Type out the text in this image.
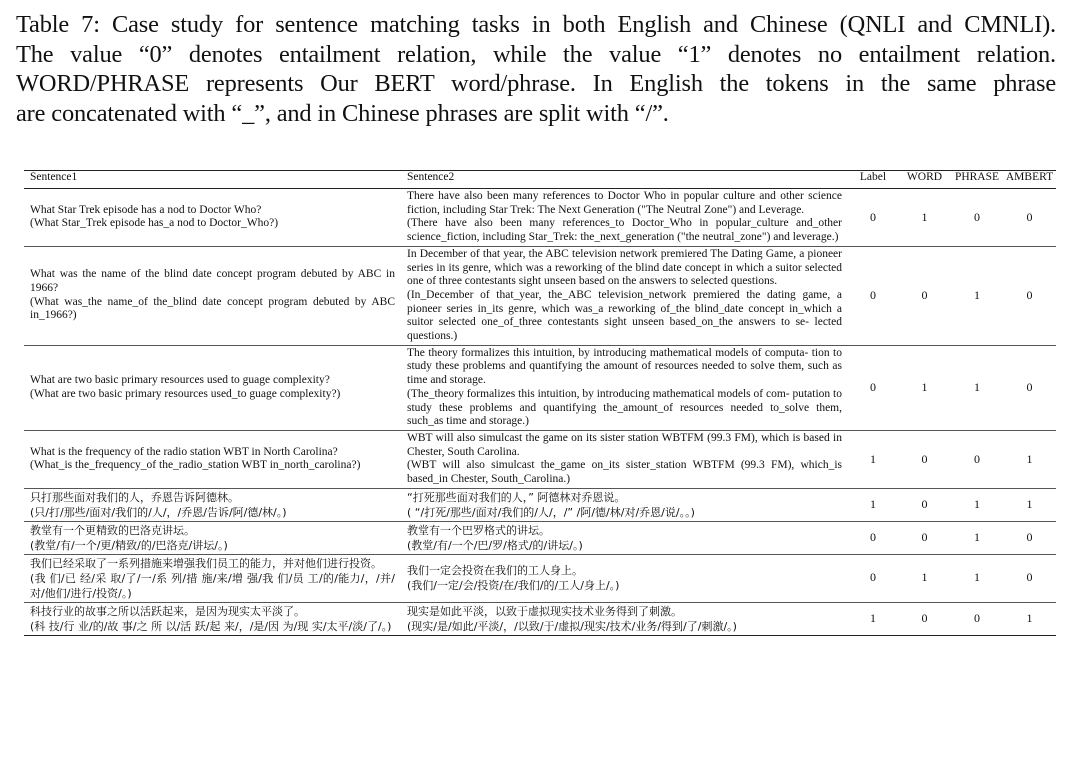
Table 7: Case study for sentence matching tasks in both English and Chinese (QNLI and CMNLI).
The value “0” denotes entailment relation, while the value “1” denotes no entailment relation.
WORD/PHRASE represents Our BERT word/phrase. In English the tokens in the same phrase
are concatenated with “_”, and in Chinese phrases are split with “/”.
Sentence1	Sentence2	Label	WORD	PHRASE	AMBERT

What Star Trek episode has a nod to Doctor Who?
(What Star_Trek episode has_a nod to Doctor_Who?)	There have also been many references to Doctor Who in popular culture and other science fiction, including Star Trek: The Next Generation ("The Neutral Zone") and Leverage.
(There have also been many references_to Doctor_Who in popular_culture and_other science_fiction, including Star_Trek: the_next_generation ("the neutral_zone") and leverage.)	0	1	0	0

What was the name of the blind date concept program debuted by ABC in 1966?
(What was_the name_of the_blind date concept program debuted by ABC in_1966?)	In December of that year, the ABC television network premiered The Dating Game, a pioneer series in its genre, which was a reworking of the blind date concept in which a suitor selected one of three contestants sight unseen based on the answers to selected questions.
(In_December of that_year, the_ABC television_network premiered the dating game, a pioneer series in_its genre, which was_a reworking of_the blind_date concept in_which a suitor selected one_of_three contestants sight unseen based_on_the answers to se- lected questions.)	0	0	1	0

What are two basic primary resources used to guage complexity?
(What are two basic primary resources used_to guage complexity?)	The theory formalizes this intuition, by introducing mathematical models of computa- tion to study these problems and quantifying the amount of resources needed to solve them, such as time and storage.
(The_theory formalizes this intuition, by introducing mathematical models of com- putation to study these problems and quantifying the_amount_of resources needed to_solve them, such_as time and storage.)	0	1	1	0

What is the frequency of the radio station WBT in North Carolina?
(What_is the_frequency_of the_radio_station WBT in_north_carolina?)	WBT will also simulcast the game on its sister station WBTFM (99.3 FM), which is based in Chester, South Carolina.
(WBT will also simulcast the_game on_its sister_station WBTFM (99.3 FM), which_is based_in Chester, South_Carolina.)	1	0	0	1

只打那些面对我们的人，乔恩告诉阿德林。
(只/打/那些/面对/我们的/人/，/乔恩/告诉/阿/德/林/。)	“打死那些面对我们的人，” 阿德林对乔恩说。
( “/打死/那些/面对/我们的/人/，/” /阿/德/林/对/乔恩/说/。。)	1	0	1	1

教堂有一个更精致的巴洛克讲坛。
(教堂/有/一个/更/精致/的/巴洛克/讲坛/。)	教堂有一个巴罗格式的讲坛。
(教堂/有/一个/巴/罗/格式/的/讲坛/。)	0	0	1	0

我们已经采取了一系列措施来增强我们员工的能力，并对他们进行投资。
(我 们/已 经/采 取/了/一/系 列/措 施/来/增 强/我 们/员 工/的/能力/，/并/对/他们/进行/投资/。)	我们一定会投资在我们的工人身上。
(我们/一定/会/投资/在/我们/的/工人/身上/。)	0	1	1	0

科技行业的故事之所以活跃起来，是因为现实太平淡了。
(科 技/行 业/的/故 事/之 所 以/活 跃/起 来/，/是/因 为/现 实/太平/淡/了/。)	现实是如此平淡，以致于虚拟现实技术业务得到了刺激。
(现实/是/如此/平淡/，/以致/于/虚拟/现实/技术/业务/得到/了/刺激/。)	1	0	0	1
